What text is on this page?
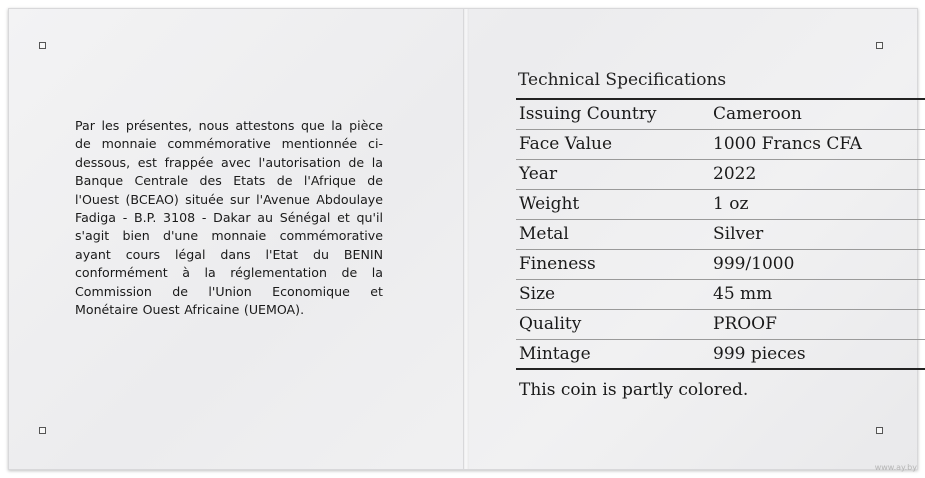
Par les présentes, nous attestons que la pièce de monnaie commémorative mentionnée ci-dessous, est frappée avec l'autorisation de la Banque Centrale des Etats de l'Afrique de l'Ouest (BCEAO) située sur l'Avenue Abdoulaye Fadiga - B.P. 3108 - Dakar au Sénégal et qu'il s'agit bien d'une monnaie commémorative ayant cours légal dans l'Etat du BENIN conformément à la réglementation de la Commission de l'Union Economique et Monétaire Ouest Africaine (UEMOA).

Technical Specifications
Issuing Country	Cameroon
Face Value	1000 Francs CFA
Year	2022
Weight	1 oz
Metal	Silver
Fineness	999/1000
Size	45 mm
Quality	PROOF
Mintage	999 pieces
This coin is partly colored.
www.ay.by
